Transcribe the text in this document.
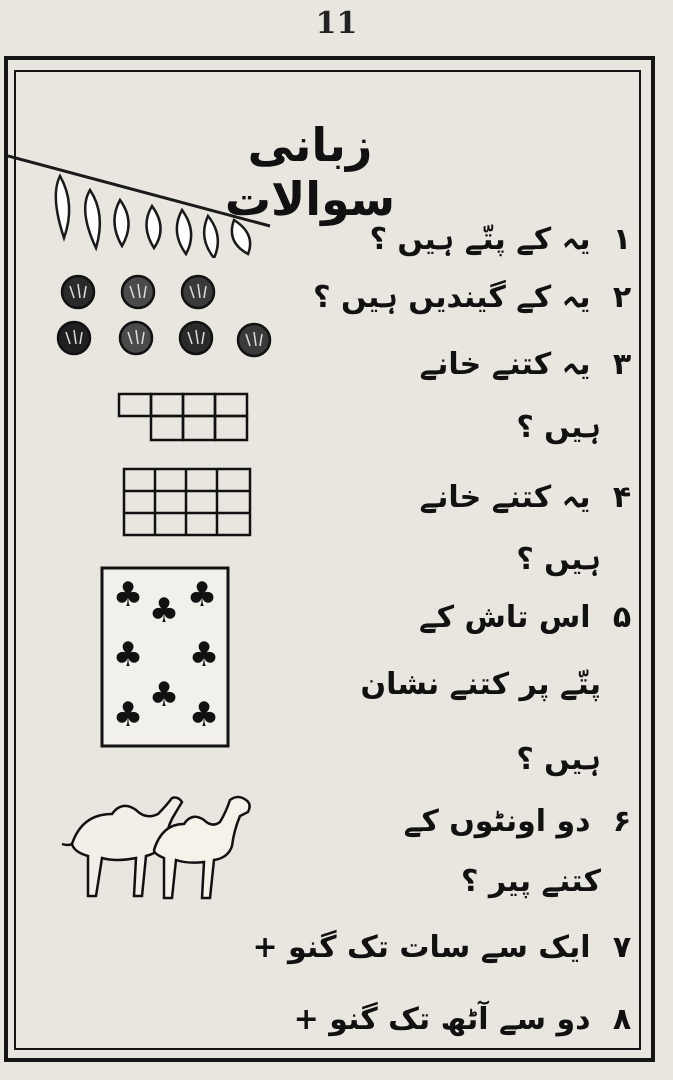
11
زبانی سوالات
۱ یہ کے پتّے ہیں ؟
۲ یہ کے گیندیں ہیں ؟
۳ یہ کتنے خانے
ہیں ؟
۴ یہ کتنے خانے
ہیں ؟
۵ اس تاش کے
پتّے پر کتنے نشان
ہیں ؟
۶ دو اونٹوں کے
کتنے پیر ؟
۷ ایک سے سات تک گنو +
۸ دو سے آٹھ تک گنو +
♣ ♣
♣
♣ ♣
♣
♣ ♣
